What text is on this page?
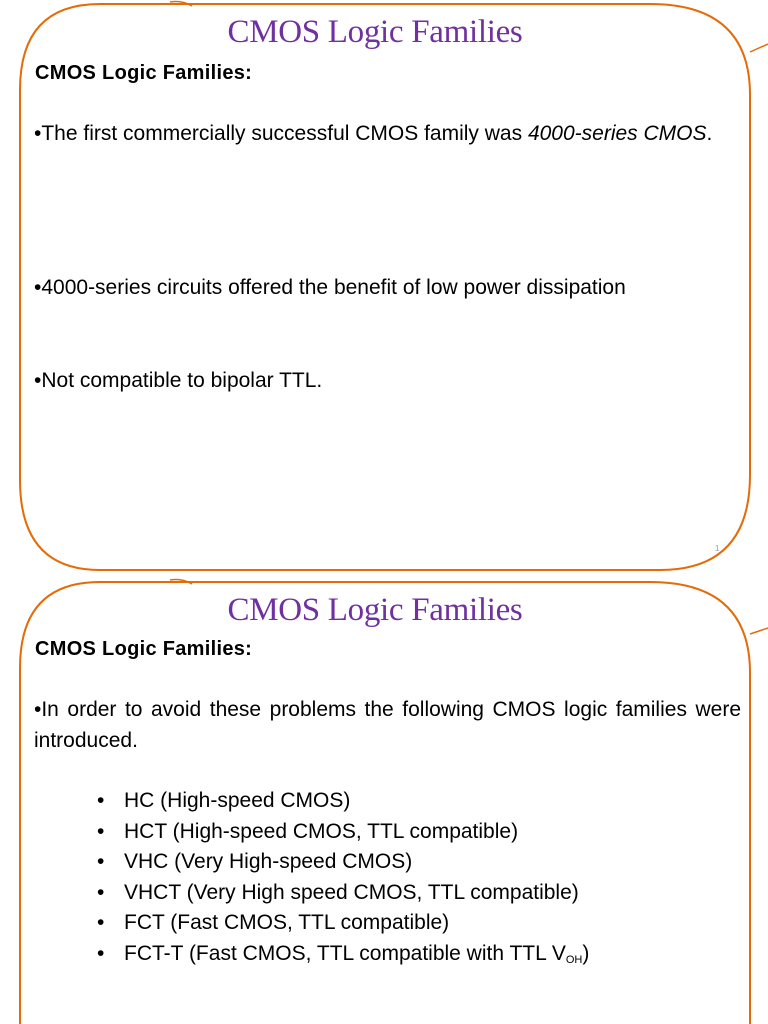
CMOS Logic Families
CMOS Logic Families:
•The first commercially successful CMOS family was 4000-series CMOS.
•4000-series circuits offered the benefit of low power dissipation
•Not compatible to bipolar TTL.
1
CMOS Logic Families
CMOS Logic Families:
•In order to avoid these problems the following CMOS logic families were introduced.
• HC (High-speed CMOS)
• HCT (High-speed CMOS, TTL compatible)
• VHC (Very High-speed CMOS)
• VHCT (Very High speed CMOS, TTL compatible)
• FCT (Fast CMOS, TTL compatible)
• FCT-T (Fast CMOS, TTL compatible with TTL VOH)
